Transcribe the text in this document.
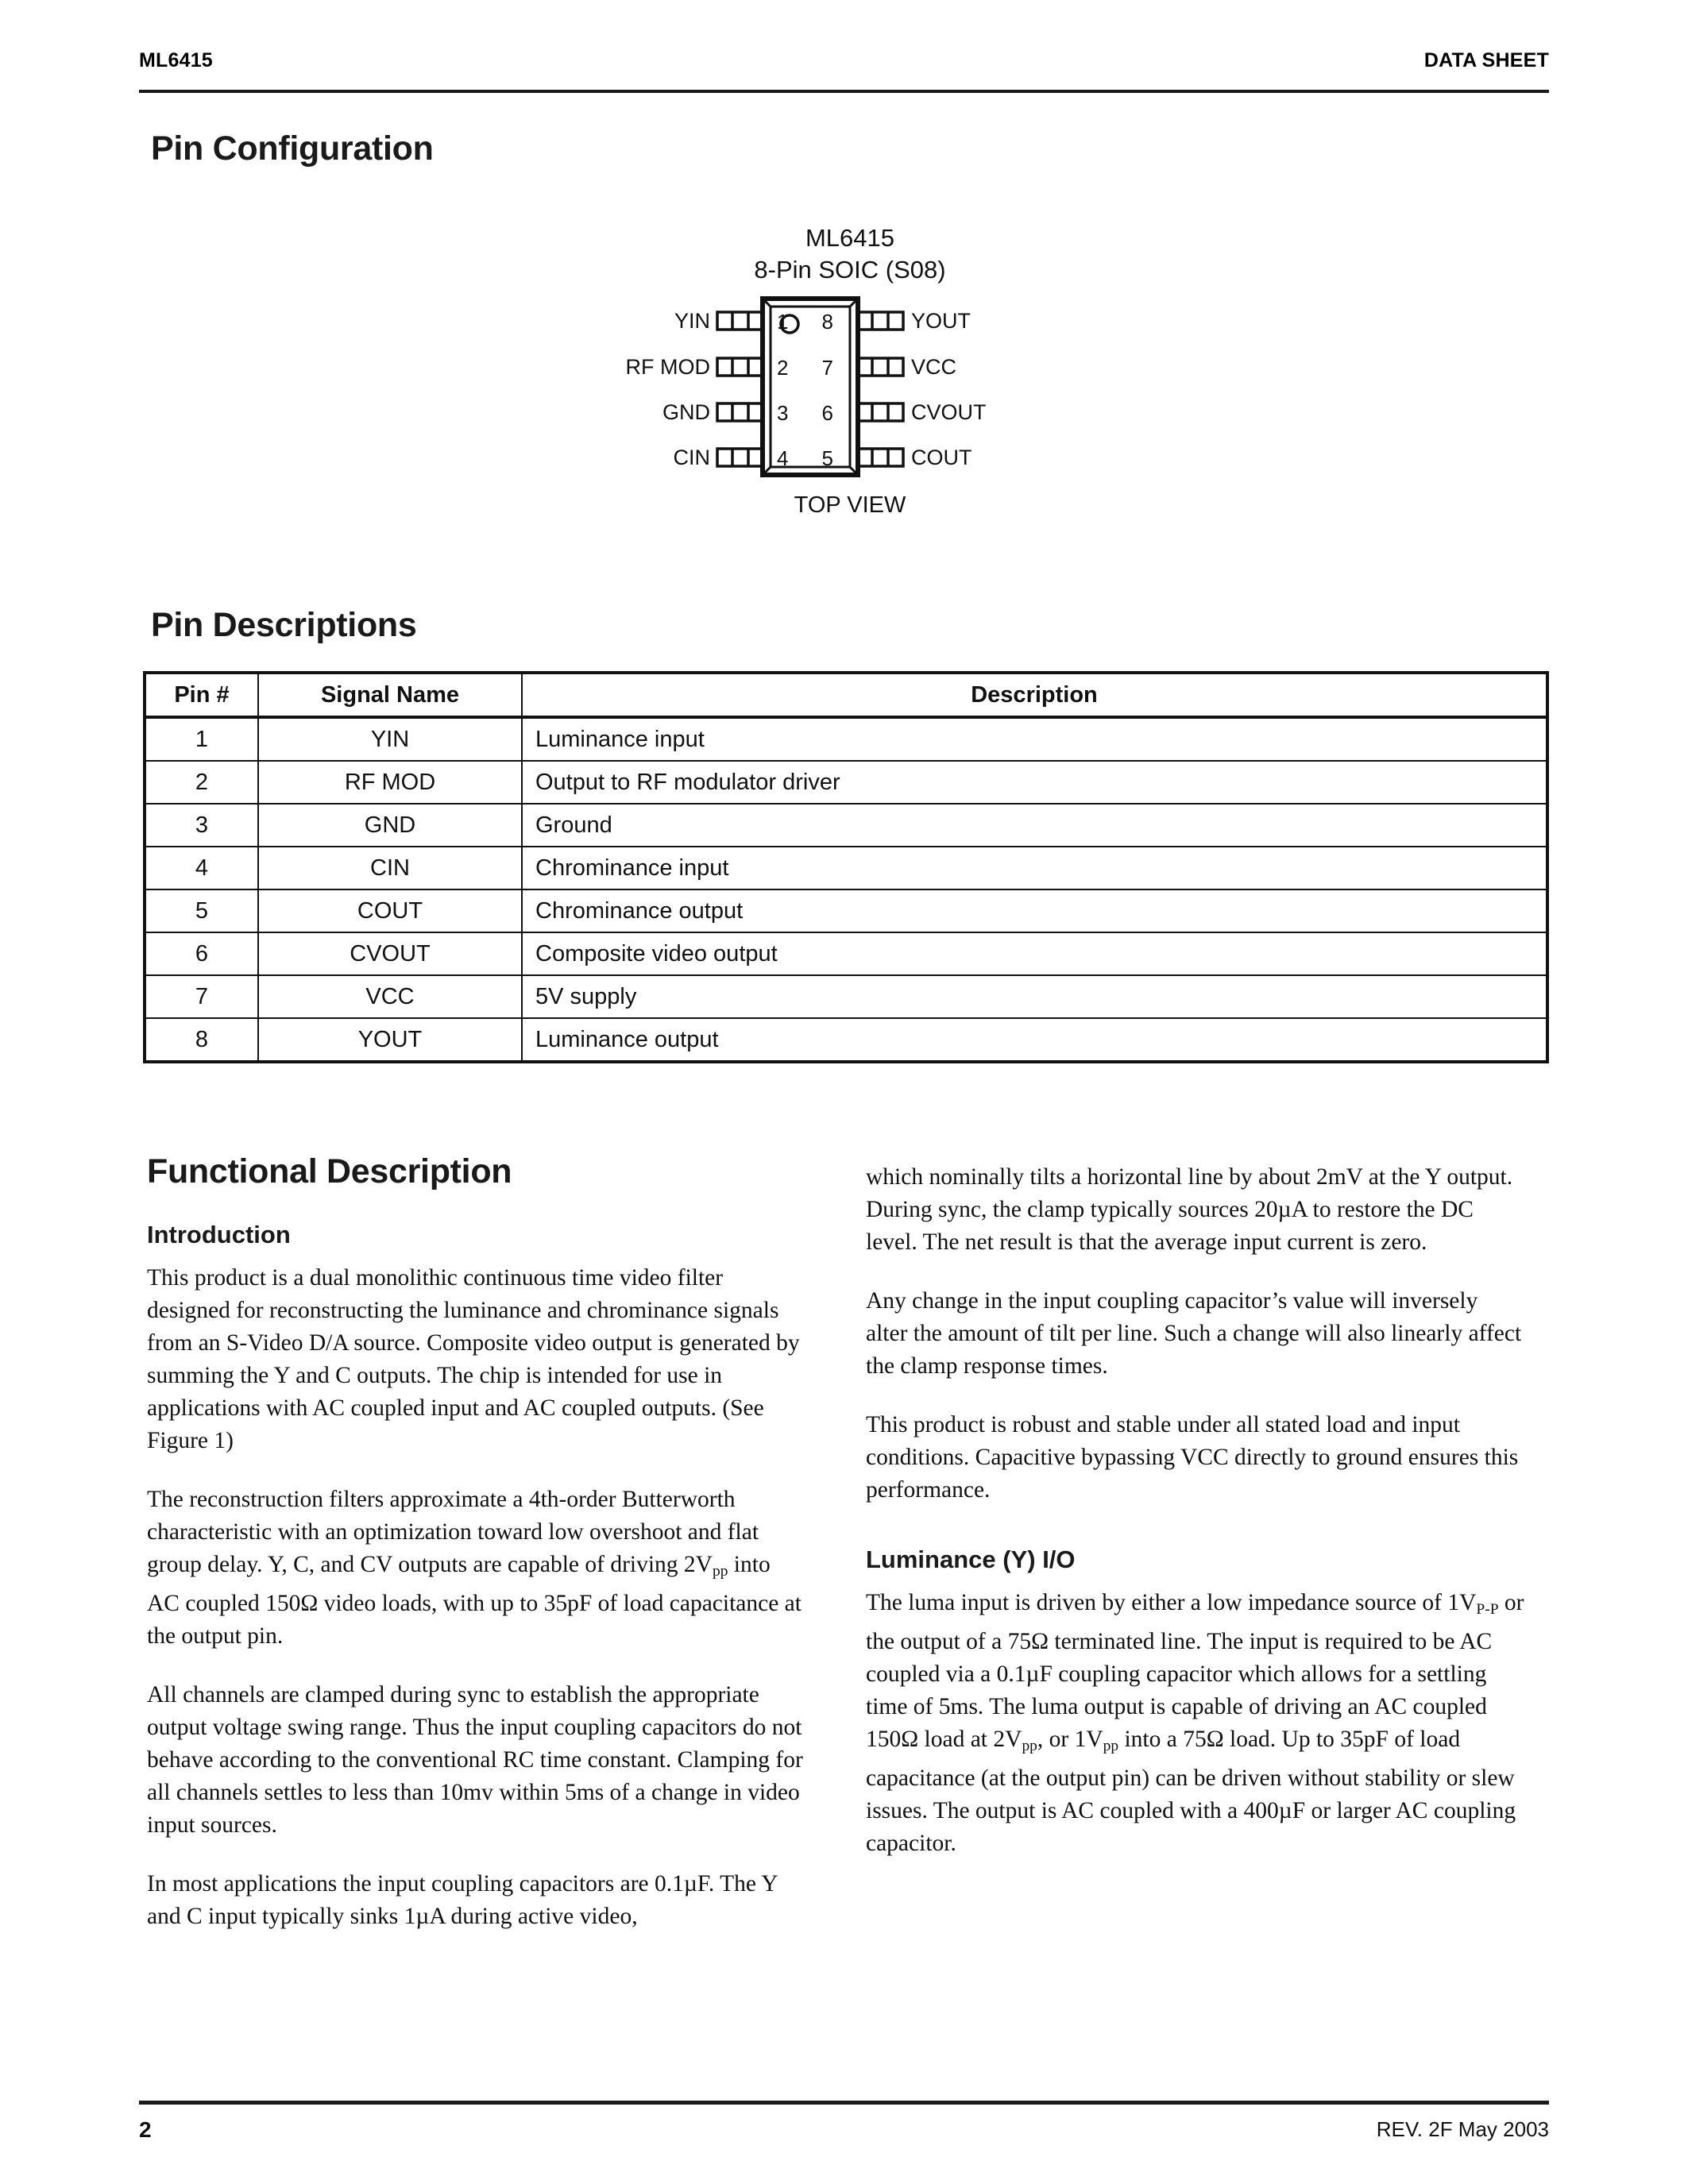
ML6415	DATA SHEET
Pin Configuration
ML6415
8-Pin SOIC (S08)
1
2
3
4
8
7
6
5
YIN
RF MOD
GND
CIN
YOUT
VCC
CVOUT
COUT
TOP VIEW
Pin Descriptions
Pin #	Signal Name	Description
1	YIN	Luminance input
2	RF MOD	Output to RF modulator driver
3	GND	Ground
4	CIN	Chrominance input
5	COUT	Chrominance output
6	CVOUT	Composite video output
7	VCC	5V supply
8	YOUT	Luminance output
Functional Description
Introduction

This product is a dual monolithic continuous time video filter designed for reconstructing the luminance and chrominance signals from an S-Video D/A source. Composite video output is generated by summing the Y and C outputs. The chip is intended for use in applications with AC coupled input and AC coupled outputs. (See Figure 1)

The reconstruction filters approximate a 4th-order Butterworth characteristic with an optimization toward low overshoot and flat group delay. Y, C, and CV outputs are capable of driving $2V_{pp}$ into AC coupled 150Ω video loads, with up to 35pF of load capacitance at the output pin.

All channels are clamped during sync to establish the appropriate output voltage swing range. Thus the input coupling capacitors do not behave according to the conventional RC time constant. Clamping for all channels settles to less than 10mv within 5ms of a change in video input sources.

In most applications the input coupling capacitors are 0.1µF. The Y and C input typically sinks 1µA during active video,

which nominally tilts a horizontal line by about 2mV at the Y output. During sync, the clamp typically sources 20µA to restore the DC level. The net result is that the average input current is zero.

Any change in the input coupling capacitor’s value will inversely alter the amount of tilt per line. Such a change will also linearly affect the clamp response times.

This product is robust and stable under all stated load and input conditions. Capacitive bypassing VCC directly to ground ensures this performance.

Luminance (Y) I/O

The luma input is driven by either a low impedance source of $1V_{P-P}$ or the output of a 75Ω terminated line. The input is required to be AC coupled via a 0.1µF coupling capacitor which allows for a settling time of 5ms. The luma output is capable of driving an AC coupled 150Ω load at $2V_{pp}$, or $1V_{pp}$ into a 75Ω load. Up to 35pF of load capacitance (at the output pin) can be driven without stability or slew issues. The output is AC coupled with a 400µF or larger AC coupling capacitor.

2	REV. 2F May 2003
